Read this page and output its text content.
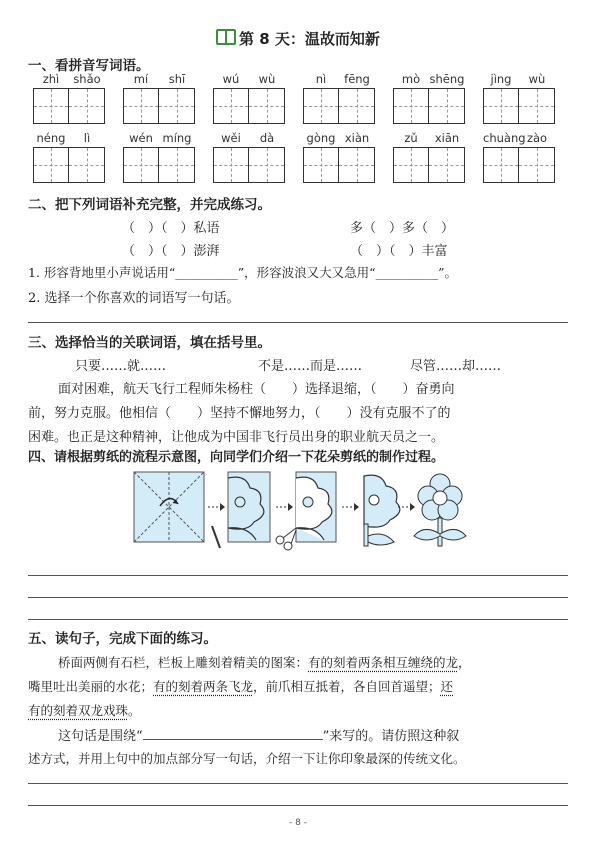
第 8 天：温故而知新
一、看拼音写词语。
zhì	shǎo	mí	shī	wú	wù	nì	fēng	mò shēng	jìng	wù
néng	lì	wén míng	wěi	dà	gòng xiàn	zǔ	xiān	chuàng zào
二、把下列词语补充完整，并完成练习。
（　）（　）私语	多（　）多（　）
（　）（　）澎湃	（　）（　）丰富
1. 形容背地里小声说话用“__________”，形容波浪又大又急用“__________”。
2. 选择一个你喜欢的词语写一句话。
三、选择恰当的关联词语，填在括号里。
只要……就……	不是……而是……	尽管……却……
面对困难，航天飞行工程师朱杨柱（　　）选择退缩，（　　）奋勇向
前，努力克服。他相信（　　）坚持不懈地努力，（　　）没有克服不了的
困难。也正是这种精神，让他成为中国非飞行员出身的职业航天员之一。
四、请根据剪纸的流程示意图，向同学们介绍一下花朵剪纸的制作过程。
五、读句子，完成下面的练习。
桥面两侧有石栏，栏板上雕刻着精美的图案：有的刻着两条相互缠绕的龙，
嘴里吐出美丽的水花；有的刻着两条飞龙，前爪相互抵着，各自回首遥望；还
有的刻着双龙戏珠。
这句话是围绕“	”来写的。请仿照这种叙
述方式，并用上句中的加点部分写一句话，介绍一下让你印象最深的传统文化。
- 8 -
